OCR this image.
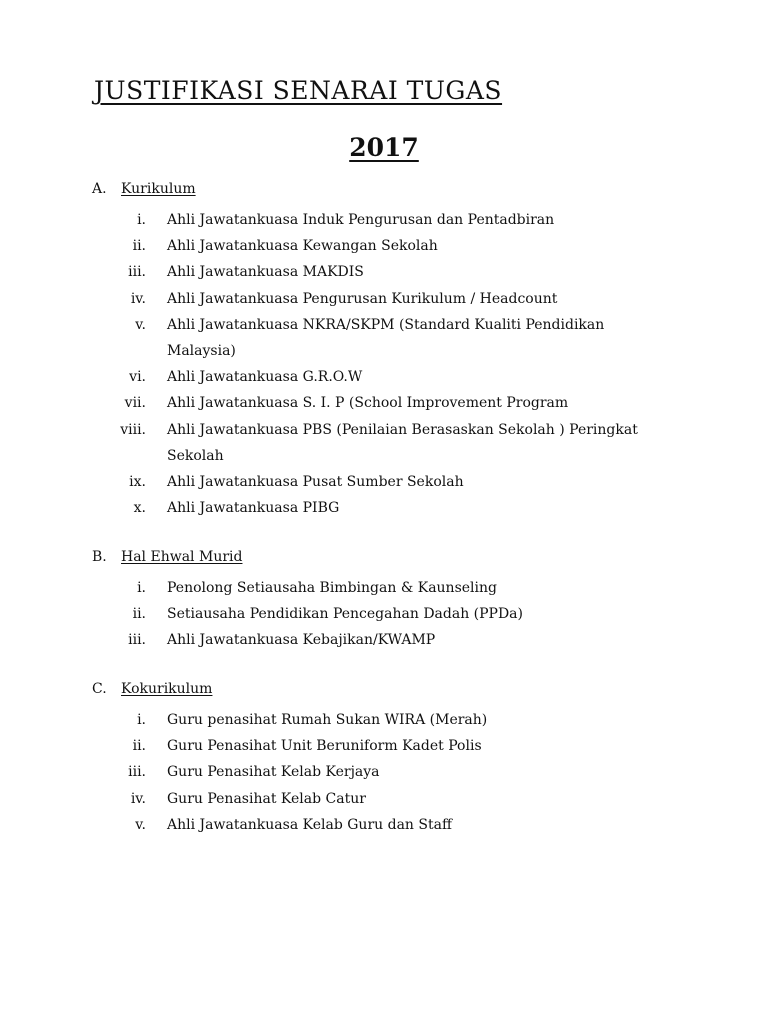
JUSTIFIKASI SENARAI TUGAS
2017
A. Kurikulum
i. Ahli Jawatankuasa Induk Pengurusan dan Pentadbiran
ii. Ahli Jawatankuasa Kewangan Sekolah
iii. Ahli Jawatankuasa MAKDIS
iv. Ahli Jawatankuasa Pengurusan Kurikulum / Headcount
v. Ahli Jawatankuasa NKRA/SKPM (Standard Kualiti Pendidikan
Malaysia)
vi. Ahli Jawatankuasa G.R.O.W
vii. Ahli Jawatankuasa S. I. P (School Improvement Program
viii. Ahli Jawatankuasa PBS (Penilaian Berasaskan Sekolah ) Peringkat
Sekolah
ix. Ahli Jawatankuasa Pusat Sumber Sekolah
x. Ahli Jawatankuasa PIBG
B. Hal Ehwal Murid
i. Penolong Setiausaha Bimbingan & Kaunseling
ii. Setiausaha Pendidikan Pencegahan Dadah (PPDa)
iii. Ahli Jawatankuasa Kebajikan/KWAMP
C. Kokurikulum
i. Guru penasihat Rumah Sukan WIRA (Merah)
ii. Guru Penasihat Unit Beruniform Kadet Polis
iii. Guru Penasihat Kelab Kerjaya
iv. Guru Penasihat Kelab Catur
v. Ahli Jawatankuasa Kelab Guru dan Staff
